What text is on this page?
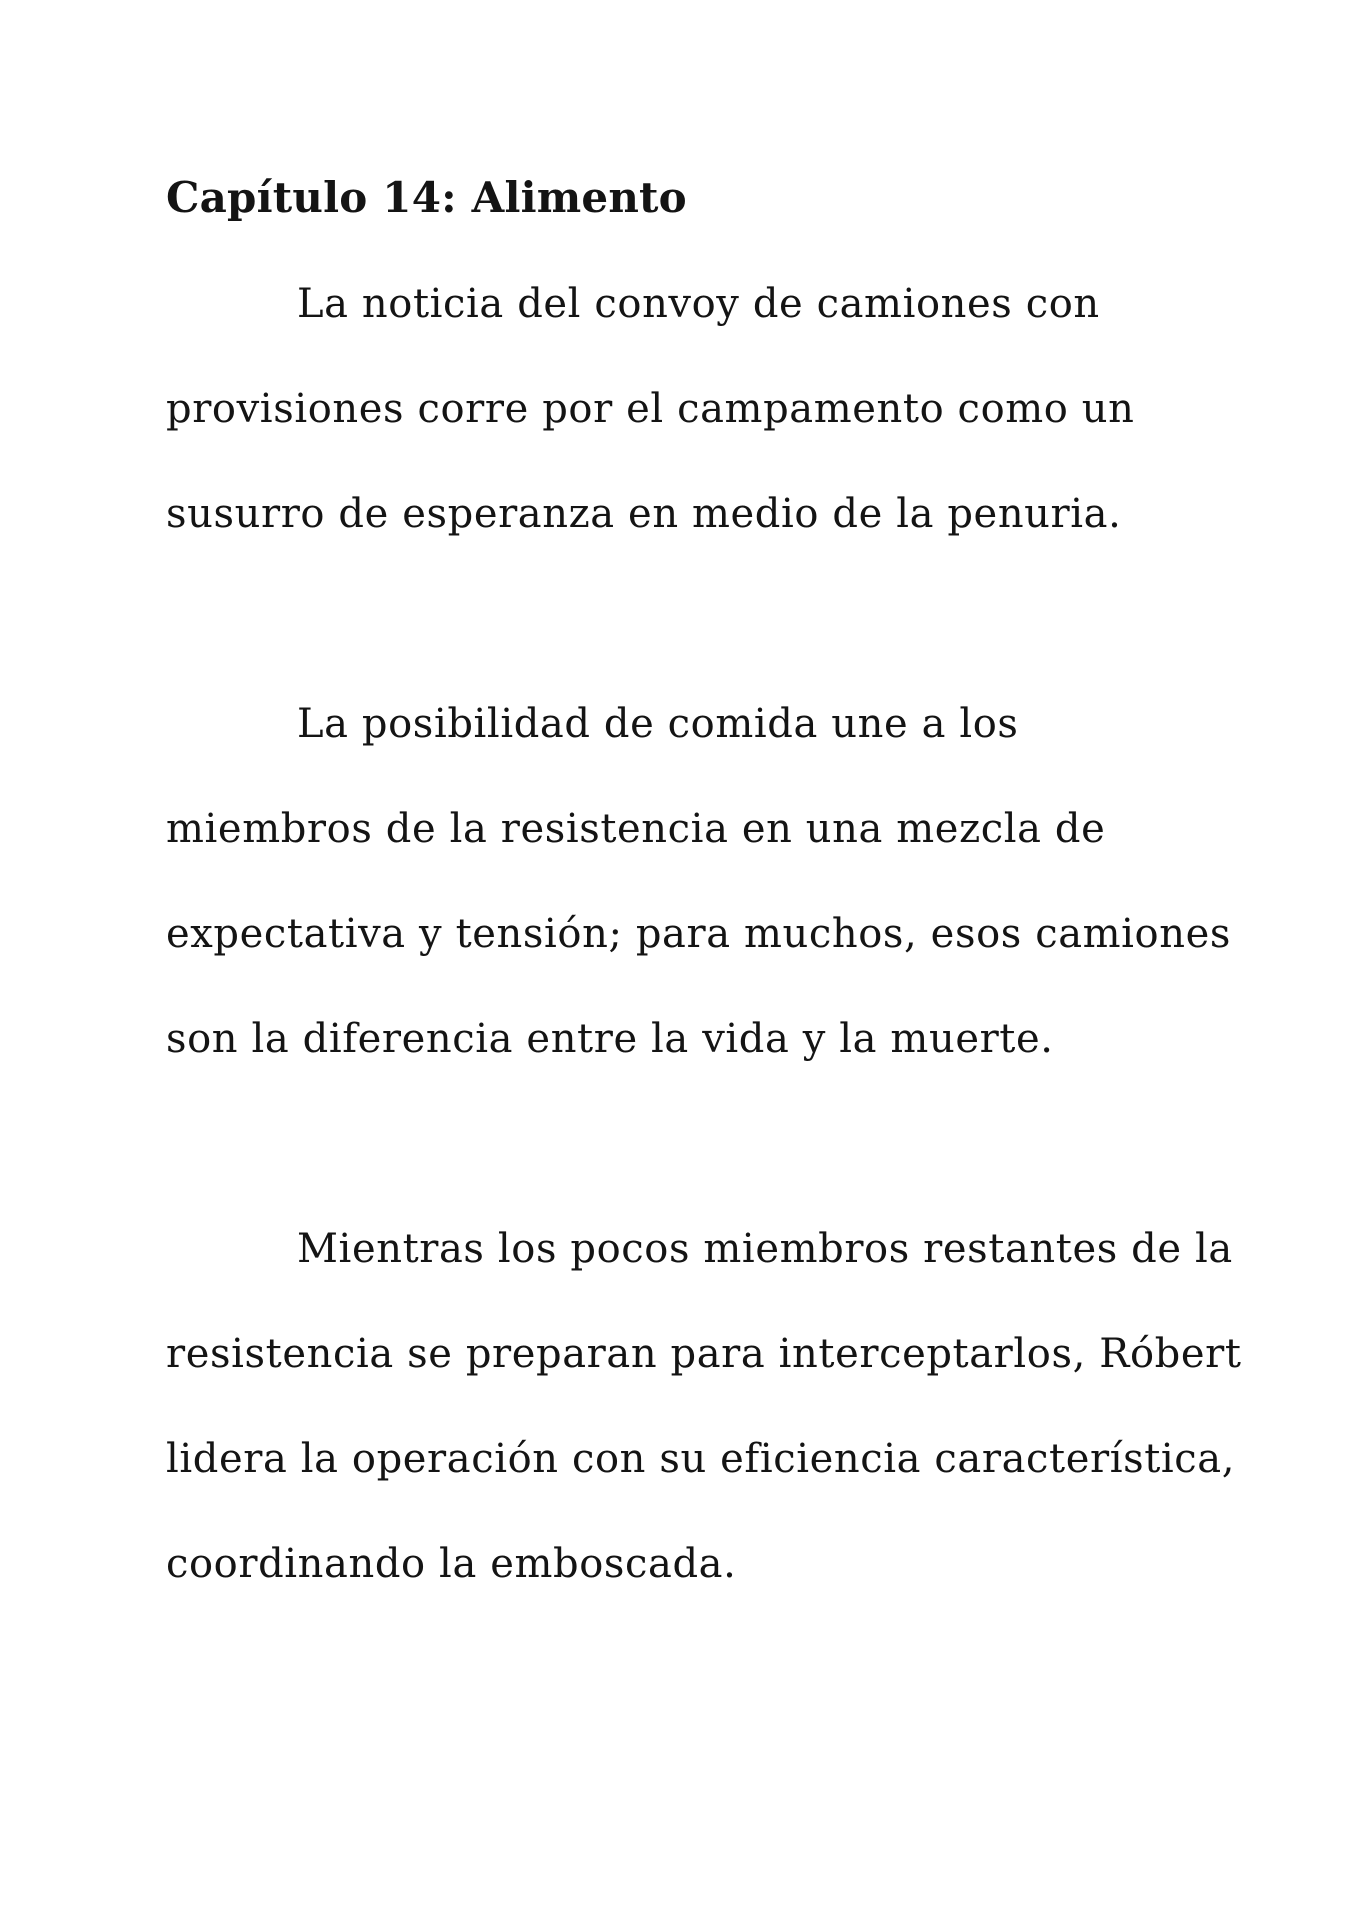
Capítulo 14: Alimento

La noticia del convoy de camiones con
provisiones corre por el campamento como un
susurro de esperanza en medio de la penuria.

La posibilidad de comida une a los
miembros de la resistencia en una mezcla de
expectativa y tensión; para muchos, esos camiones
son la diferencia entre la vida y la muerte.

Mientras los pocos miembros restantes de la
resistencia se preparan para interceptarlos, Róbert
lidera la operación con su eficiencia característica,
coordinando la emboscada.
